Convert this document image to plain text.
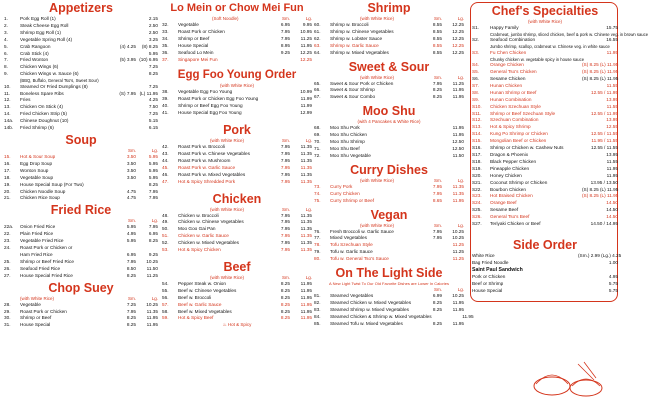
Appetizers
1.	Pork Egg Roll (1)	2.15
2.	Steak Cheese Egg Roll	2.50
3.	Shrimp Egg Roll (1)	2.50
4.	Vegetable Spring Roll (4)	3.25
5.	Crab Rangoon	(4) 4.25	(8) 8.25
6.	Crab Stick (4)	5.95
7.	Fried Wonton	(5) 3.95 (10) 6.95
8.	Chicken Wings (6)	7.25
9.	Chicken Wings w. Sauce (6)	8.25
(BBQ, Buffalo, General Tso's, Sweet Sour)
10.	Steamed Or Fried Dumplings (8)	7.25
11.	Boneless Spare Ribs	(S) 7.95 (L) 11.95
12.	Fries	4.25
13.	Chicken On Stick (4)	7.50
14.	Fried Chicken Strip (5)	7.25
14a.	Chinese Doughnut (10)	5.15
14b.	Fried Shrimp (6)	6.15
Soup
Sm.	Lg.
15.	Hot & Sour Soup	3.50	5.95
16.	Egg Drop Soup	3.50	5.95
17.	Wonton Soup	3.50	5.95
18.	Vegetable Soup	3.50	5.95
19.	House Special Soup (For Two)	8.25
20.	Chicken Noodle Soup	4.75	7.95
21.	Chicken Rice Soup	4.75	7.95
Fried Rice
Sm.	Lg.
22a.	Onion Fried Rice	5.95	7.95
22.	Plain Fried Rice	4.95	6.95
23.	Vegetable Fried Rice	5.95	8.25
24.	Roast Pork or Chicken or
Ham Fried Rice	6.95	9.25
25.	Shrimp or Beef Fried Rice	7.95	10.25
26.	Seafood Fried Rice	8.50	11.50
27.	House Special Fried Rice	8.25	11.25
Chop Suey
(with White Rice)	Sm.	Lg.
28.	Vegetable	7.25	10.25
29.	Roast Pork or Chicken	7.95	11.35
30.	Shrimp or Beef	8.25	11.95
31.	House Special	8.25	11.95
Lo Mein or Chow Mei Fun
(Soft Noodle)	Sm.	Lg.
32.	Vegetable	6.95	9.95
33.	Roast Pork or Chicken	7.95	10.95
34.	Shrimp or Beef	7.95	11.25
35.	House Special	8.95	11.95
36.	Seafood Lo Mein	9.25	12.25
37.	Singapore Mei Fun	12.25
Egg Foo Young Order
(with White Rice)
38.	Vegetable Egg Foo Young	10.99
39.	Roast Pork or Chicken Egg Foo Young	11.99
40.	Shrimp or Beef Egg Foo Young	11.99
41.	House Special Egg Foo Young	12.99
Pork
(with White Rice)	Sm.	Lg.
42.	Roast Pork w. Broccoli	7.95	11.35
43.	Roast Pork w. Chinese Vegetables	7.95	11.35
44.	Roast Pork w. Mushroom	7.95	11.35
45.	Roast Pork w. Garlic Sauce	7.95	11.35
46.	Roast Pork w. Mixed Vegetables	7.95	11.35
47.	Hot & Spicy Shredded Pork	7.95	11.35
Chicken
(with White Rice)	Sm.	Lg.
48.	Chicken w. Broccoli	7.95	11.35
49.	Chicken w. Chinese Vegetables	7.95	11.35
50.	Moo Goo Gai Pan	7.95	11.35
51.	Chicken w. Garlic Sauce	7.95	11.35
52.	Chicken w. Mixed Vegetables	7.95	11.35
53.	Hot & Spicy Chicken	7.95	11.35
Beef
(with White Rice)	Sm.	Lg.
54.	Pepper Steak w. Onion	8.25	11.95
55.	Beef w. Chinese Vegetables	8.25	11.95
56.	Beef w. Broccoli	8.25	11.95
57.	Beef w. Garlic Sauce	8.25	11.95
58.	Beef w. Mixed Vegetables	8.25	11.95
59.	Hot & Spicy Beef	8.25	11.95
♨ Hot & Spicy
Shrimp
(with White Rice)	Sm.	Lg.
60.	Shrimp w. Broccoli	8.55	12.25
61.	Shrimp w. Chinese Vegetables	8.55	12.25
62.	Shrimp w. Lobster Sauce	8.55	12.25
63.	Shrimp w. Garlic Sauce	8.55	12.25
64.	Shrimp w. Mixed Vegetables	8.55	12.25
Sweet & Sour
(with White Rice)	Sm.	Lg.
65.	Sweet & Sour Pork or Chicken	7.95	11.25
66.	Sweet & Sour Shrimp	8.25	11.95
67.	Sweet & Sour Combo	8.25	11.95
Moo Shu
(with 4 Pancakes & White Rice)
68.	Moo Shu Pork	11.95
69.	Moo Shu Chicken	11.95
70.	Moo Shu Shrimp	12.50
71.	Moo Shu Beef	12.50
72.	Moo Shu Vegetable	11.50
Curry Dishes
(with White Rice)	Sm.	Lg.
73.	Curry Pork	7.95	11.35
74.	Curry Chicken	7.95	11.35
75.	Curry Shrimp or Beef	8.65	11.95
Vegan
(with White Rice)	Sm.	Lg.
76.	Fresh Broccoli w. Garlic Sauce	7.95	10.25
77.	Mixed Vegetables	7.95	10.25
78.	Tofu Szechuan Style	11.25
79.	Tofu w. Garlic Sauce	11.25
80.	Tofu w. General Tso's Sauce	11.25
On The Light Side
A New Light Twist To Our Old Favorite Dishes are Lower In Calories
Sm.	Lg.
81.	Steamed Vegetables	6.99	10.25
82.	Steamed Chicken w. Mixed Vegetables	8.25	11.95
83.	Steamed Shrimp w. Mixed Vegetables	8.25	11.95
84.	Steamed Chicken & Shrimp w. Mixed Vegetables	11.95
85.	Steamed Tofu w. Mixed Vegetables	8.25	11.95
Chef's Specialties
(with White Rice)
S1.	Happy Family	15.75
Crabmeat, jumbo shrimp, sliced chicken, beef & pork w. Chinese veg. in brown sauce
S2.	Seafood Combination	16.55
Jumbo shrimp, scallop, crabmeat w. Chinese veg. in white sauce
S3.	Fu Chen Chicken	11.95
Chunky chicken w. vegetable spicy in house sauce
S4.	Orange Chicken	(S) 8.25 (L) 11.95
S5.	General Tso's Chicken	(S) 8.25 (L) 11.95
S6.	Sesame Chicken	(S) 8.25 (L) 11.95
S7.	Hunan Chicken	11.55
S8.	Hunan Shrimp or Beef	12.55 / 11.95
S9.	Hunan Combination	13.95
S10.	Chicken Szechuan Style	11.55
S11.	Shrimp or Beef Szechuan Style	12.55 / 11.95
S12.	Szechuan Combination	13.95
S13.	Hot & Spicy Shrimp	12.55
S14.	Kung Po Shrimp or Chicken	12.55 / 11.55
S15.	Mongolian Beef or Chicken	11.95 / 11.55
S16.	Shrimp or Chicken w. Cashew Nuts	12.55 / 11.55
S17.	Dragon & Phoenix	13.95
S18.	Black Pepper Chicken	11.55
S19.	Pineapple Chicken	11.95
S20.	Honey Chicken	11.95
S21.	Coconut Shrimp or Chicken	13.95 / 13.50
S22.	Bourbon Chicken	(S) 8.25 (L) 11.95
S23.	Hot Braised Chicken	(S) 8.25 (L) 11.95
S24.	Orange Beef	14.50
S25.	Sesame Beef	14.50
S26.	General Tso's Beef	14.50
S27.	Teriyaki Chicken or Beef	14.50 / 14.95
Side Order
White Rice	(Sm.) 2.99 (Lg.) 4.25
Bag Fried Noodle	1.00
Saint Paul Sandwich
Pork or Chicken	4.95
Beef or Shrimp	5.75
House Special	5.75
